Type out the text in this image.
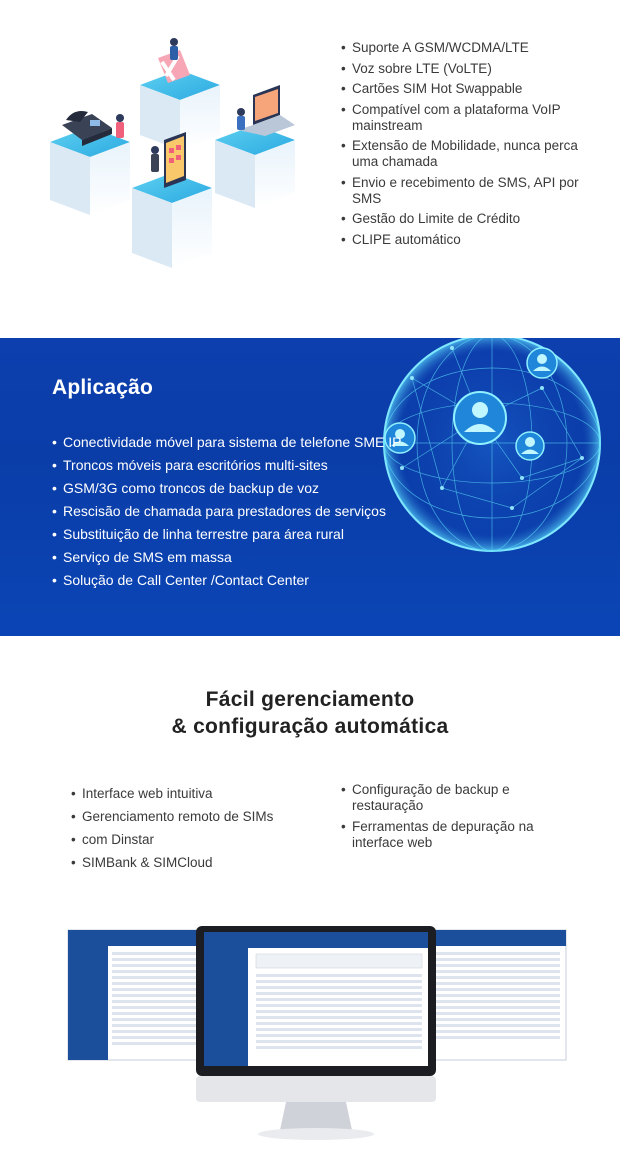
• Suporte A GSM/WCDMA/LTE
• Voz sobre LTE (VoLTE)
• Cartões SIM Hot Swappable
• Compatível com a plataforma VoIP mainstream
• Extensão de Mobilidade, nunca perca uma chamada
• Envio e recebimento de SMS, API por SMS
• Gestão do Limite de Crédito
• CLIPE automático
Aplicação
• Conectividade móvel para sistema de telefone SME IP
• Troncos móveis para escritórios multi-sites
• GSM/3G como troncos de backup de voz
• Rescisão de chamada para prestadores de serviços
• Substituição de linha terrestre para área rural
• Serviço de SMS em massa
• Solução de Call Center /Contact Center
Fácil gerenciamento
& configuração automática
• Interface web intuitiva
• Gerenciamento remoto de SIMs
• com Dinstar
• SIMBank & SIMCloud
• Configuração de backup e restauração
• Ferramentas de depuração na interface web
